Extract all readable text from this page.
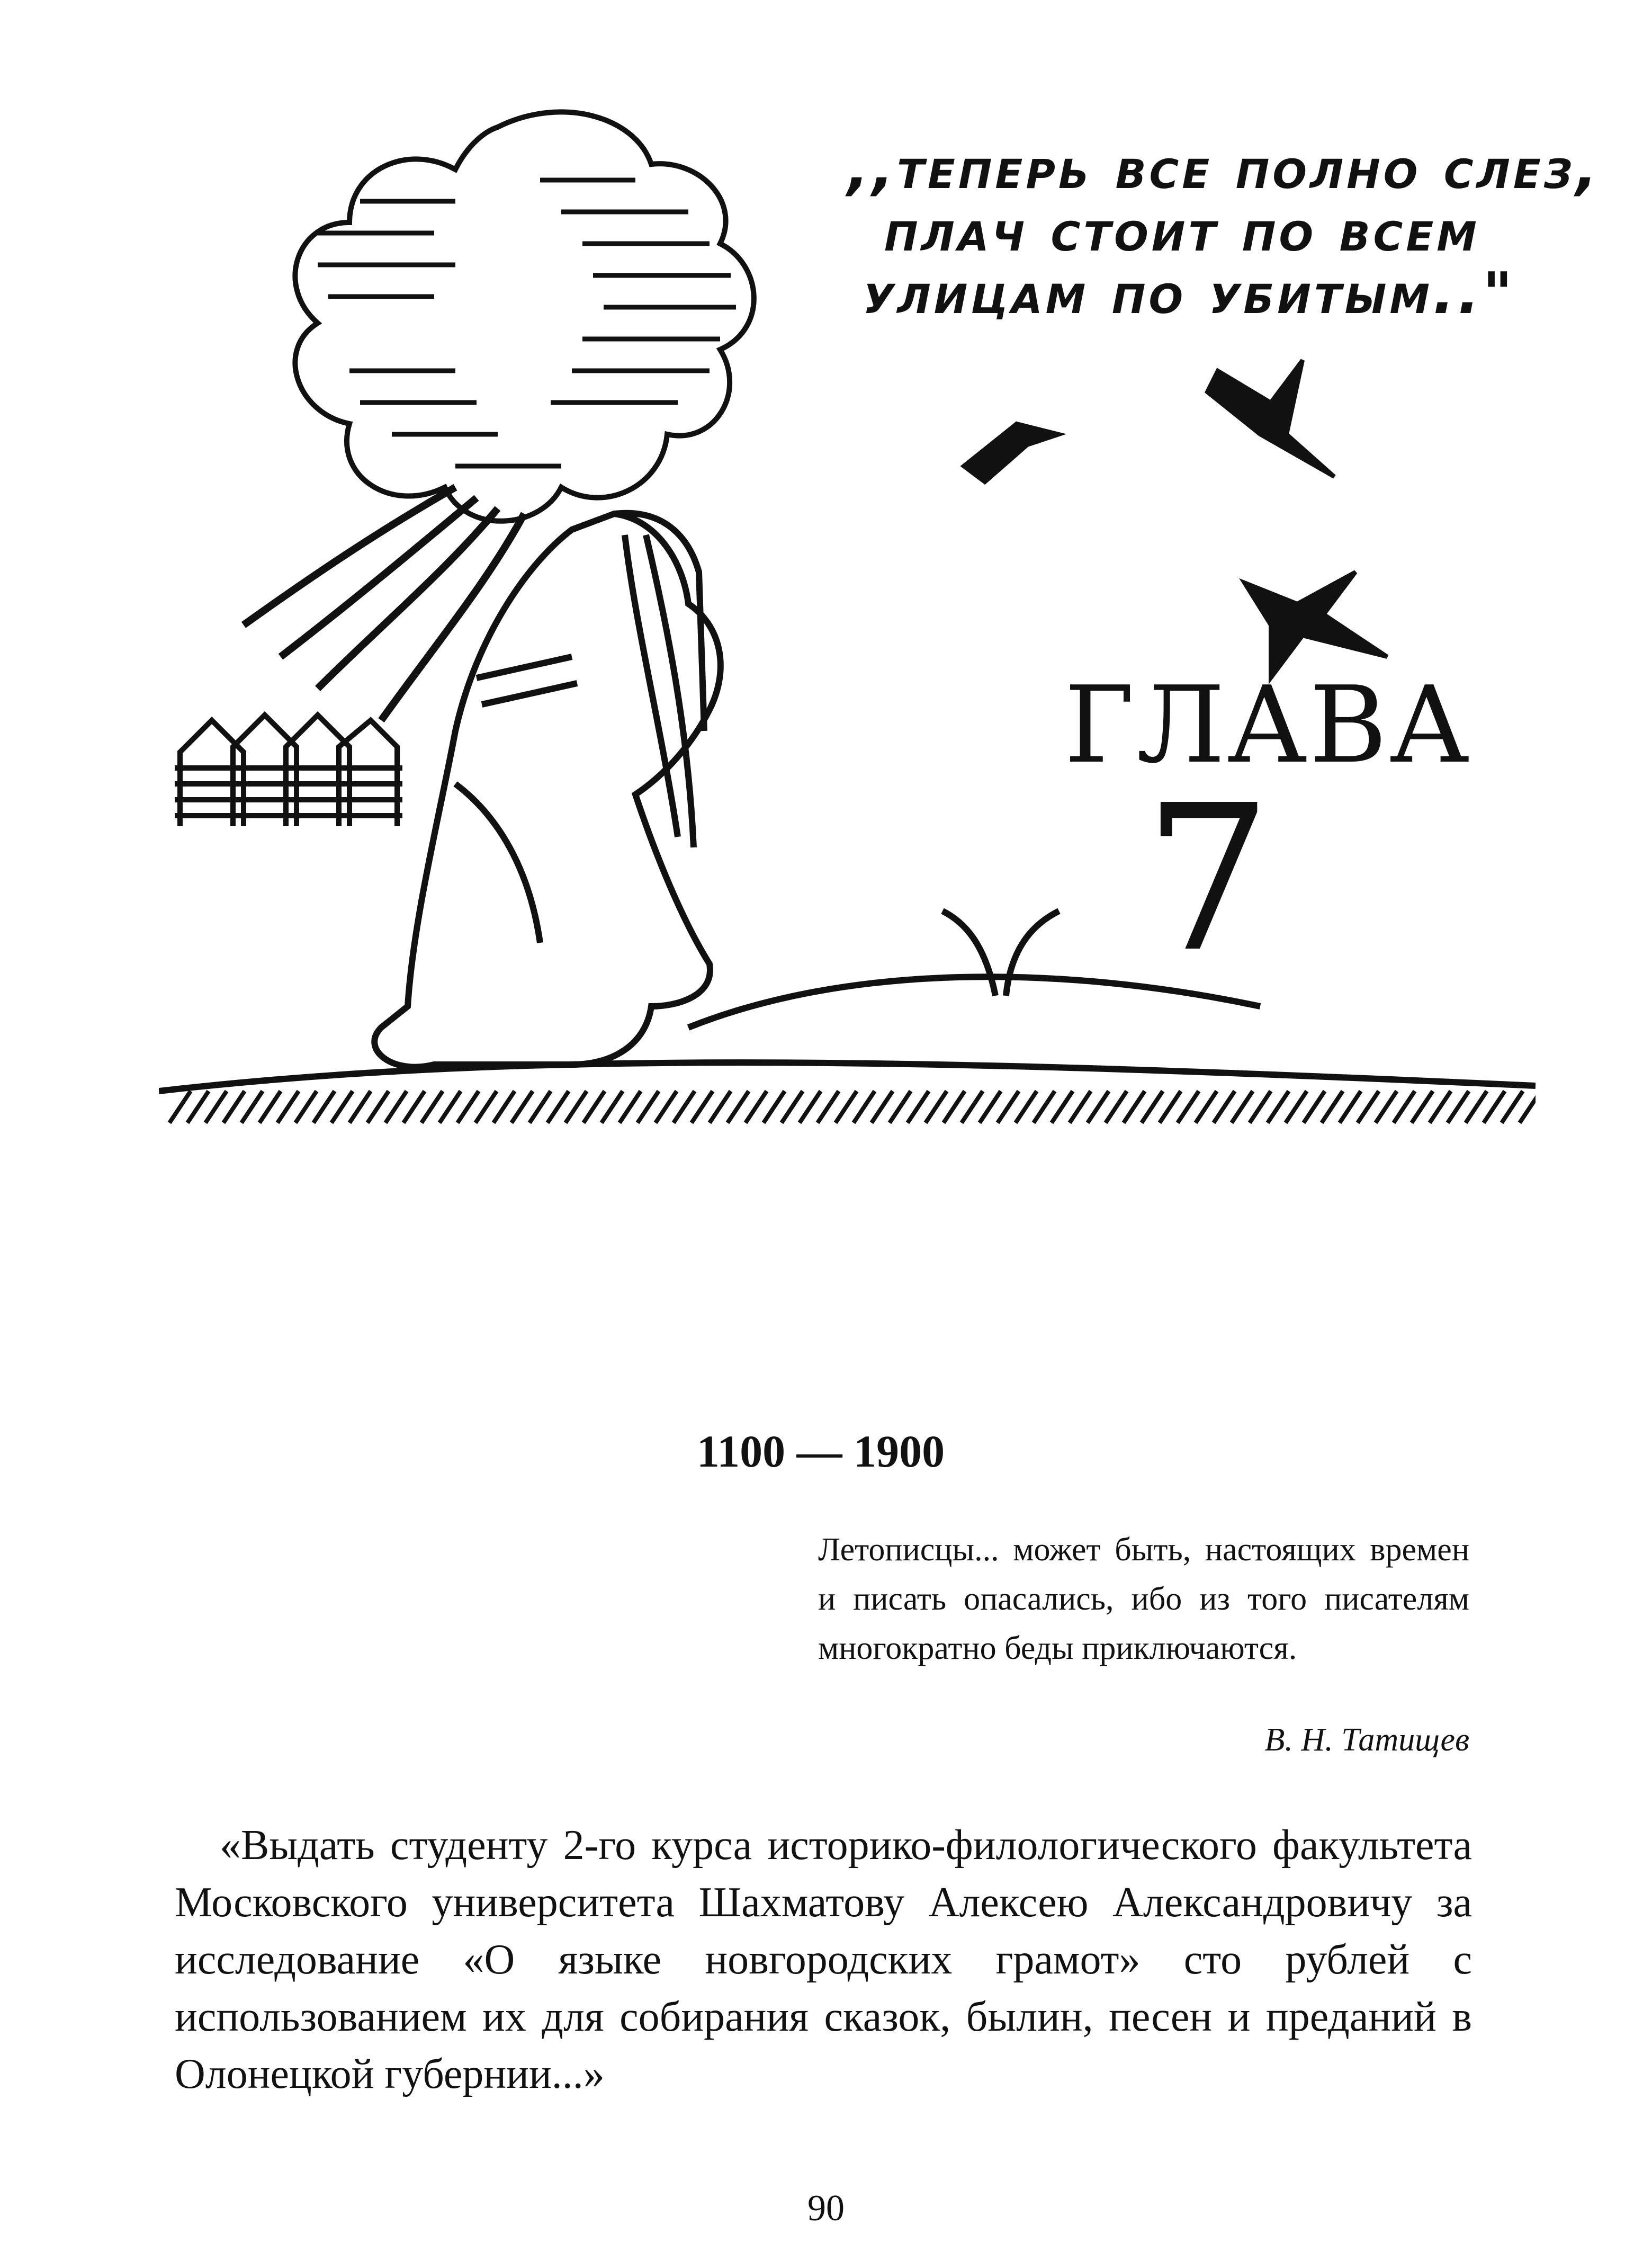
,,теперь все полно слез,
плач стоит по всем
улицам по убитым.."
ГЛАВА
7
1100 — 1900
Летописцы... может быть, настоящих времен и писать опасались, ибо из того писателям многократно беды приключаются.
В. Н. Татищев
«Выдать студенту 2-го курса историко-филологического факультета Московского университета Шахматову Алексею Александровичу за исследование «О языке новгородских грамот» сто рублей с использованием их для собирания сказок, былин, песен и преданий в Олонецкой губернии...»
90
